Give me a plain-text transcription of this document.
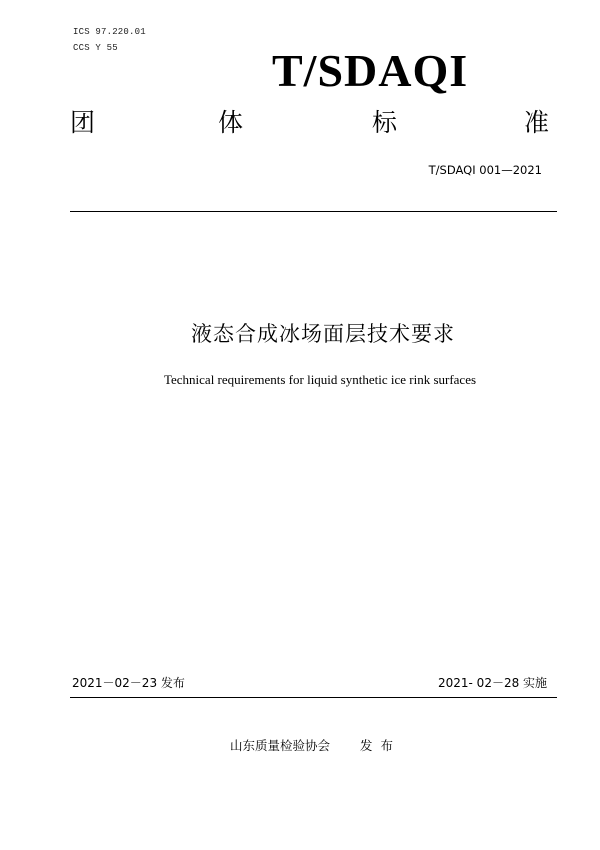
ICS 97.220.01
CCS Y 55	T/SDAQI
团	体	标	准
T/SDAQI 001—2021
液态合成冰场面层技术要求
Technical requirements for liquid synthetic ice rink surfaces
2021－02－23 发布	2021- 02－28 实施
山东质量检验协会 发布
